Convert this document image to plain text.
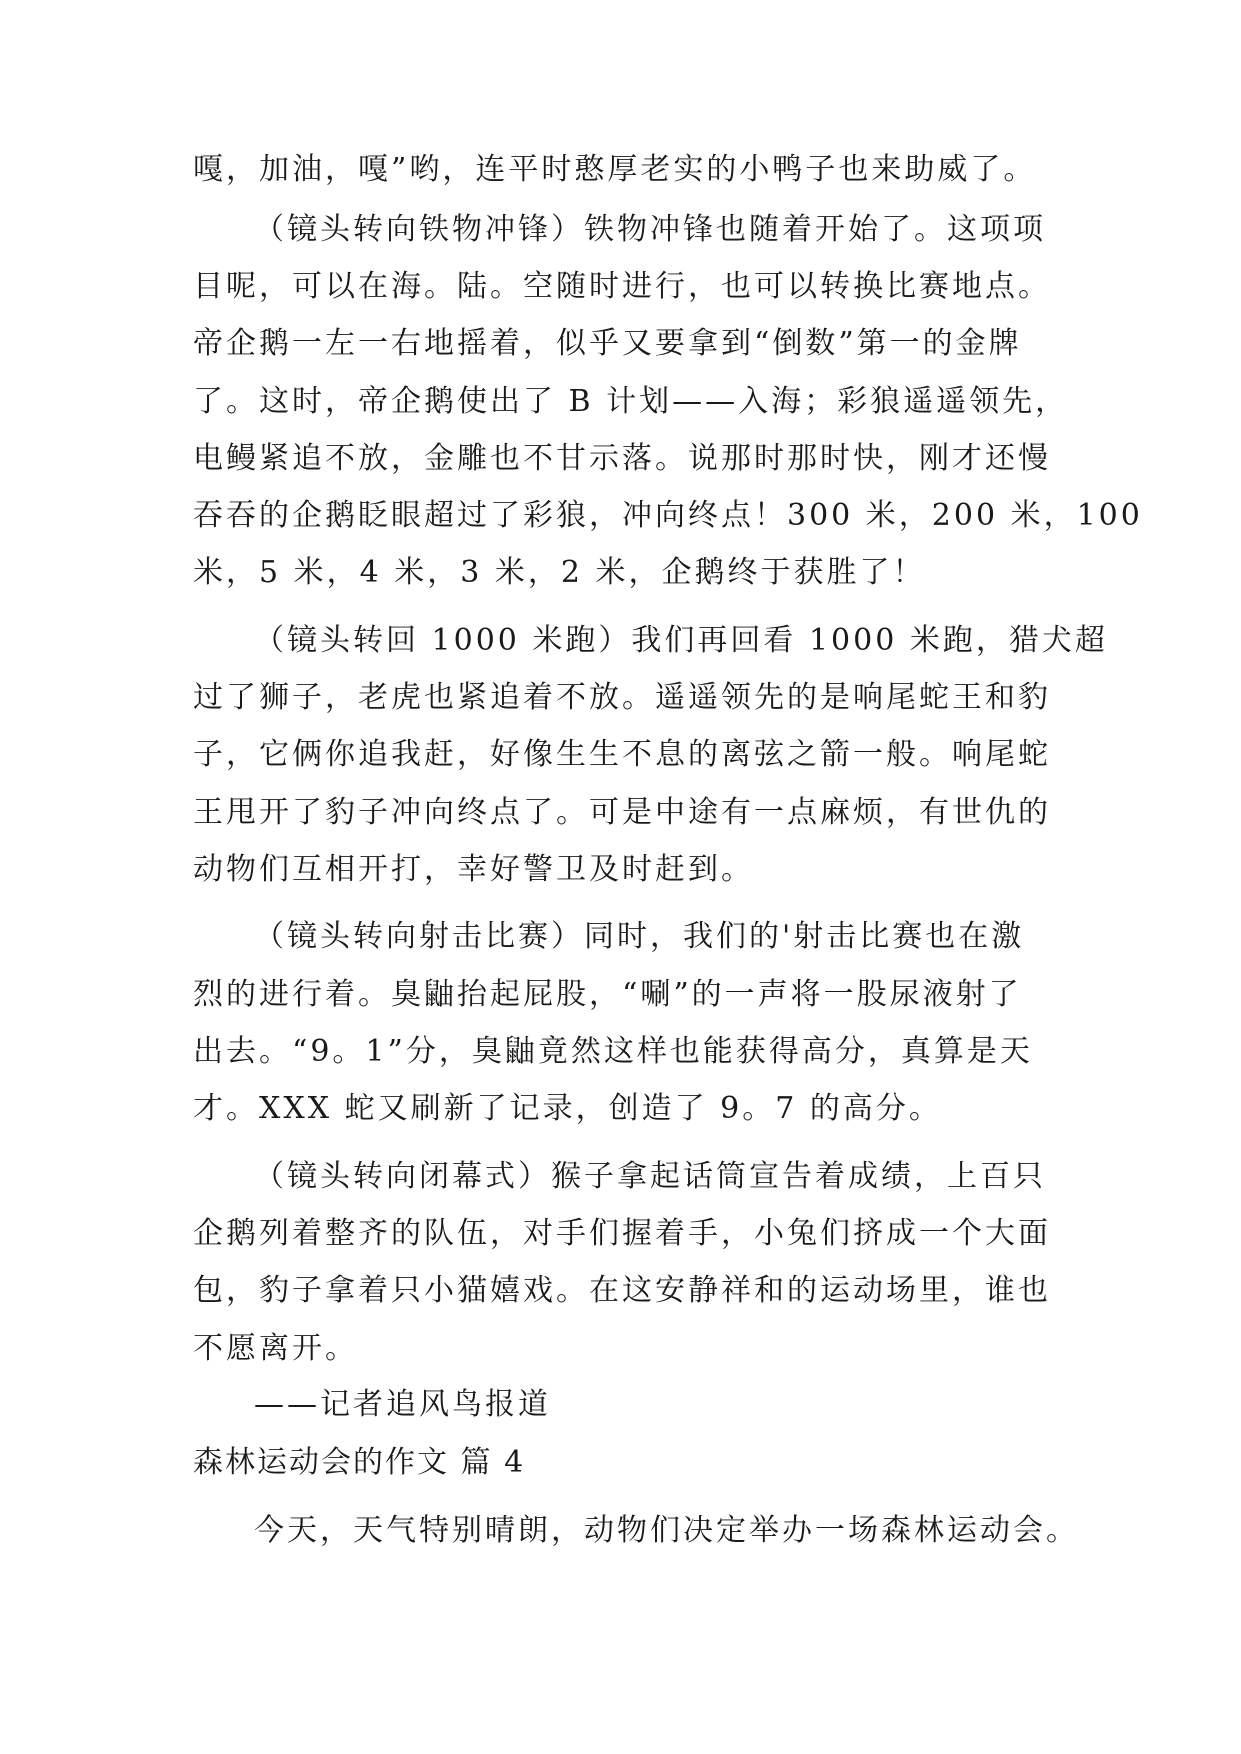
嘎，加油，嘎”哟，连平时憨厚老实的小鸭子也来助威了。
（镜头转向铁物冲锋）铁物冲锋也随着开始了。这项项
目呢，可以在海。陆。空随时进行，也可以转换比赛地点。
帝企鹅一左一右地摇着，似乎又要拿到“倒数”第一的金牌
了。这时，帝企鹅使出了 B 计划——入海；彩狼遥遥领先，
电鳗紧追不放，金雕也不甘示落。说那时那时快，刚才还慢
吞吞的企鹅眨眼超过了彩狼，冲向终点！300 米，200 米，100
米，5 米，4 米，3 米，2 米，企鹅终于获胜了！
（镜头转回 1000 米跑）我们再回看 1000 米跑，猎犬超
过了狮子，老虎也紧追着不放。遥遥领先的是响尾蛇王和豹
子，它俩你追我赶，好像生生不息的离弦之箭一般。响尾蛇
王甩开了豹子冲向终点了。可是中途有一点麻烦，有世仇的
动物们互相开打，幸好警卫及时赶到。
（镜头转向射击比赛）同时，我们的'射击比赛也在激
烈的进行着。臭鼬抬起屁股，“唰”的一声将一股尿液射了
出去。“9。1”分，臭鼬竟然这样也能获得高分，真算是天
才。XXX 蛇又刷新了记录，创造了 9。7 的高分。
（镜头转向闭幕式）猴子拿起话筒宣告着成绩，上百只
企鹅列着整齐的队伍，对手们握着手，小兔们挤成一个大面
包，豹子拿着只小猫嬉戏。在这安静祥和的运动场里，谁也
不愿离开。
——记者追风鸟报道
森林运动会的作文 篇 4
今天，天气特别晴朗，动物们决定举办一场森林运动会。
